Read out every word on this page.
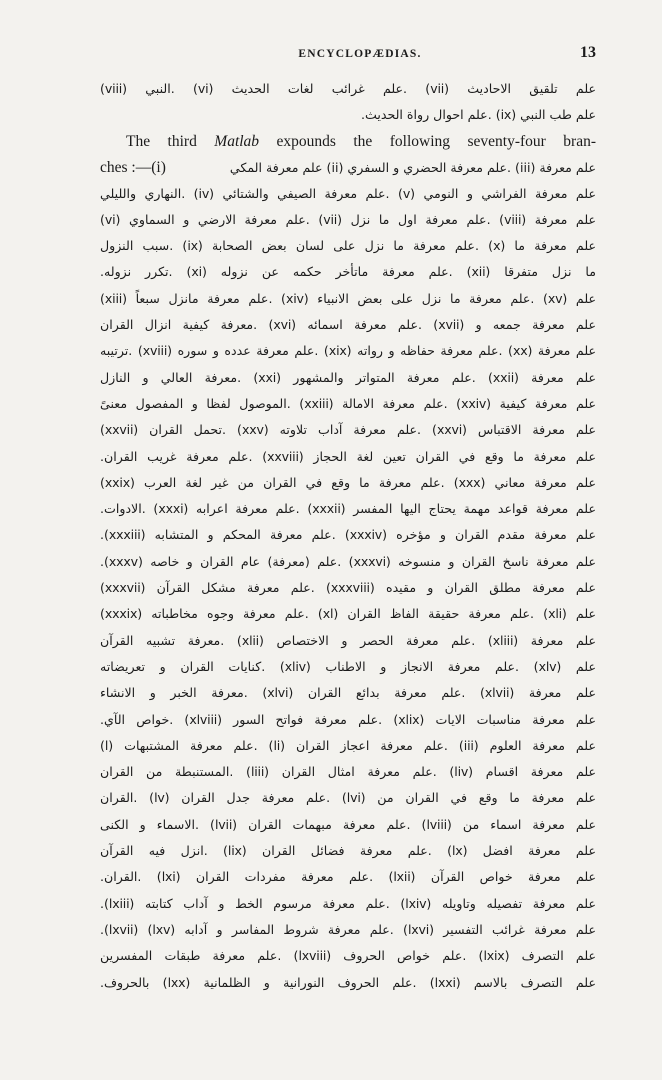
ENCYCLOPÆDIAS.	13
علم تلقيق الاحاديث (vii) .علم غرائب لغات الحديث (vi) .النبي (viii)
علم طب النبي (ix) .علم احوال رواة الحديث.
The third Matlab expounds the following seventy-four bran-
ches :—(i)	علم معرفة (iii) .علم معرفة الحضري و السفري (ii) علم معرفة المكي
علم معرفة الفراشي و النومي (v) .علم معرفة الصيفي والشتائي (iv) .النهاري والليلي
علم معرفة (viii) .علم معرفة اول ما نزل (vii) .علم معرفة الارضي و السماوي (vi)
علم معرفة ما (x) .علم معرفة ما نزل على لسان بعض الصحابة (ix) .سبب النزول
ما نزل متفرقا (xii) .علم معرفة ماتأخر حكمه عن نزوله (xi) .تكرر نزوله.
علم (xv) .علم معرفة ما نزل على بعض الانبياء (xiv) .علم معرفة مانزل سبعاً (xiii)
علم معرفة جمعه و (xvii) .علم معرفة اسمائه (xvi) .معرفة كيفية انزال القران
علم معرفة (xx) .علم معرفة حفاظه و رواته (xix) .علم معرفة عدده و سوره (xviii) .ترتيبه
علم معرفة (xxii) .علم معرفة المتواتر والمشهور (xxi) .معرفة العالي و النازل
علم معرفة كيفية (xxiv) .علم معرفة الامالة (xxiii) .الموصول لفظا و المفصول معنىً
علم معرفة الاقتباس (xxvi) .علم معرفة آداب تلاوته (xxv) .تحمل القران (xxvii)
علم معرفة ما وقع في القران تعين لغة الحجاز (xxviii) .علم معرفة غريب القران.
علم معرفة معاني (xxx) .علم معرفة ما وقع في القران من غير لغة العرب (xxix)
علم معرفة قواعد مهمة يحتاج اليها المفسر (xxxii) .علم معرفة اعرابه (xxxi) .الادوات.
علم معرفة مقدم القران و مؤخره (xxxiv) .علم معرفة المحكم و المتشابه (xxxiii).
علم معرفة ناسخ القران و منسوخه (xxxvi) .علم (معرفة) عام القران و خاصه (xxxv).
علم معرفة مطلق القران و مقيده (xxxviii) .علم معرفة مشكل القرآن (xxxvii)
علم (xli) .علم معرفة حقيقة الفاظ القران (xl) .علم معرفة وجوه مخاطباته (xxxix)
علم معرفة (xliii) .علم معرفة الحصر و الاختصاص (xlii) .معرفة تشبيه القرآن
علم (xlv) .علم معرفة الانجاز و الاطناب (xliv) .كنايات القران و تعريضاته
علم معرفة (xlvii) .علم معرفة بدائع القران (xlvi) .معرفة الخبر و الانشاء
علم معرفة مناسبات الايات (xlix) .علم معرفة فواتح السور (xlviii) .خواص الآي.
علم معرفة العلوم (iii) .علم معرفة اعجاز القران (li) .علم معرفة المشتبهات (l)
علم معرفة اقسام (liv) .علم معرفة امثال القران (liii) .المستنبطة من القران
علم معرفة ما وقع في القران من (lvi) .علم معرفة جدل القران (lv) .القران
علم معرفة اسماء من (lviii) .علم معرفة مبهمات القران (lvii) .الاسماء و الكنى
علم معرفة افضل (lx) .علم معرفة فضائل القران (lix) .انزل فيه القرآن
علم معرفة خواص القرآن (lxii) .علم معرفة مفردات القران (lxi) .القران.
علم معرفة تفصيله وتاويله (lxiv) .علم معرفة مرسوم الخط و آداب كتابته (lxiii).
علم معرفة غرائب التفسير (lxvi) .علم معرفة شروط المفاسر و آدابه (lxv) (lxvii).
علم التصرف (lxix) .علم خواص الحروف (lxviii) .علم معرفة طبقات المفسرين
علم التصرف بالاسم (lxxi) .علم الحروف النورانية و الظلمانية (lxx) بالحروف.
